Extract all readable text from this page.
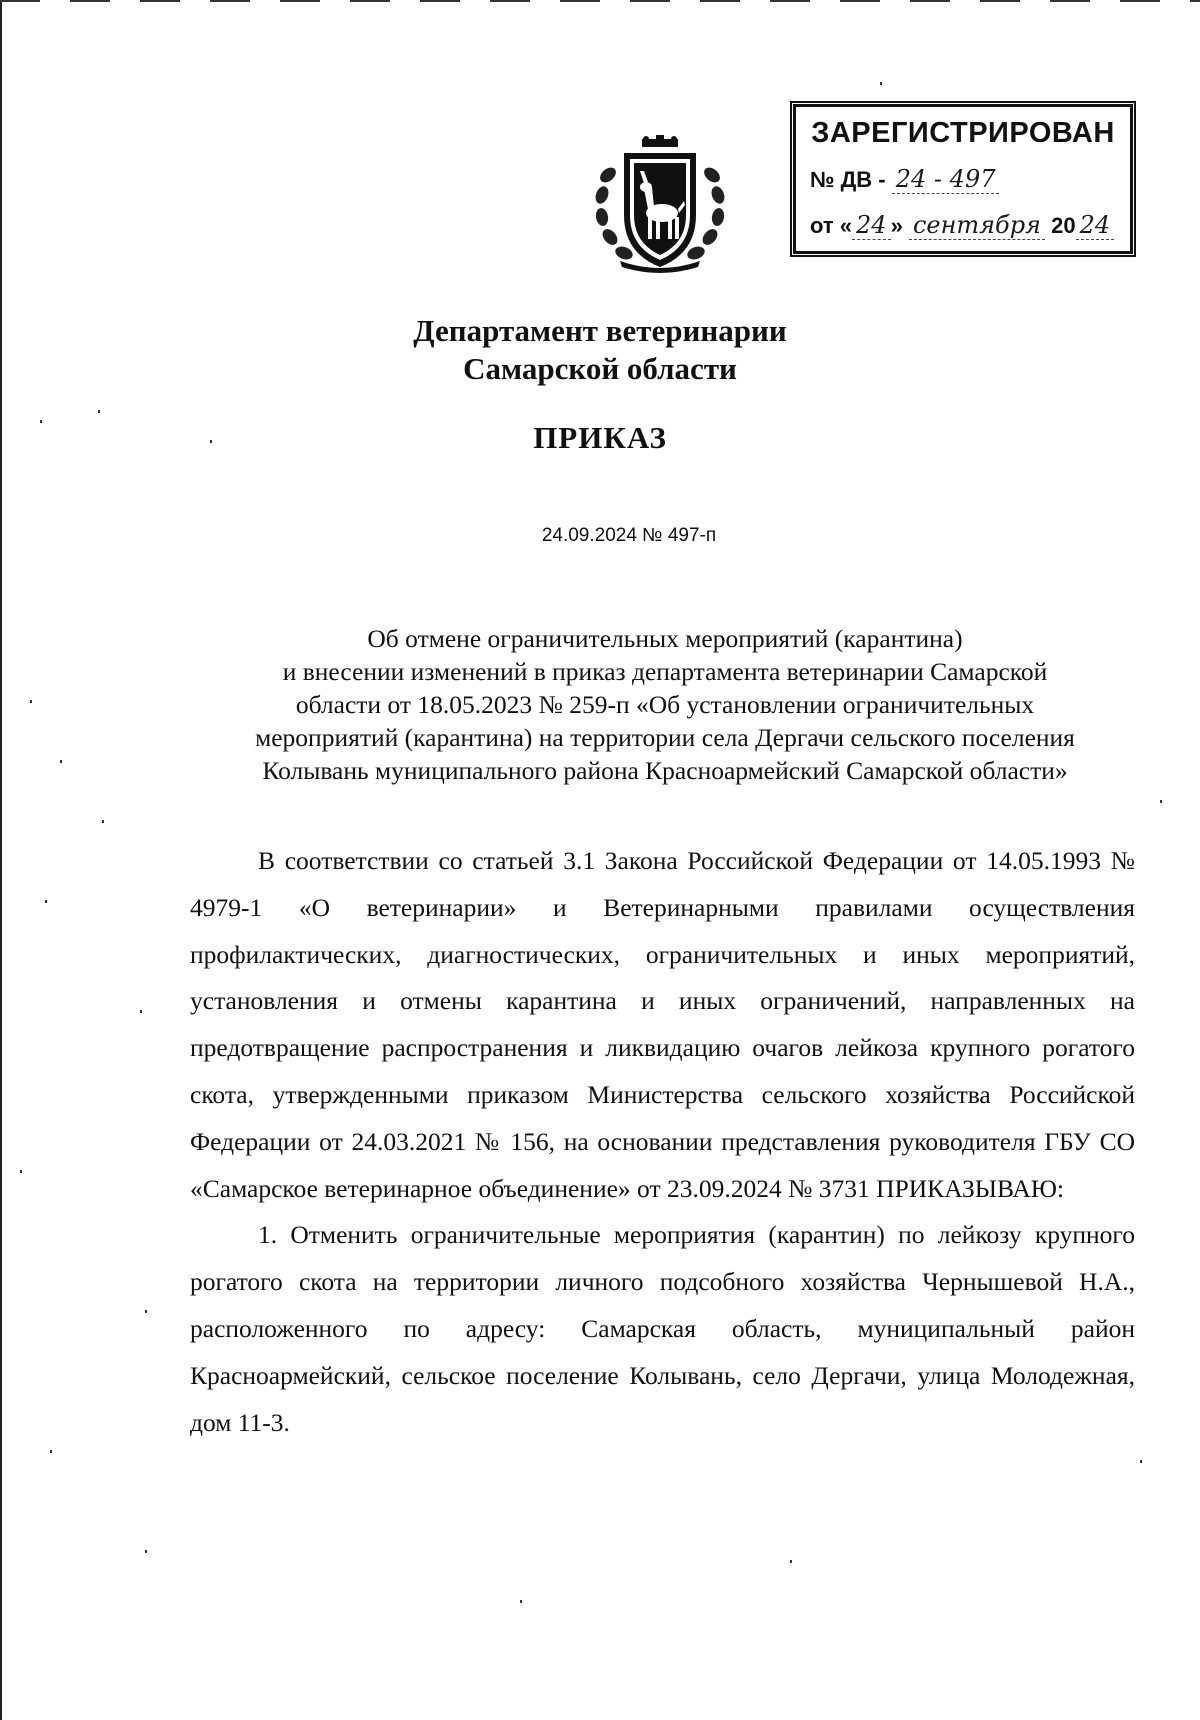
ЗАРЕГИСТРИРОВАН
№ ДВ - 24 - 497
от « 24 » сентября 20 24
Департамент ветеринарии
Самарской области
ПРИКАЗ
24.09.2024 № 497-п
Об отмене ограничительных мероприятий (карантина)
и внесении изменений в приказ департамента ветеринарии Самарской
области от 18.05.2023 № 259-п «Об установлении ограничительных
мероприятий (карантина) на территории села Дергачи сельского поселения
Колывань муниципального района Красноармейский Самарской области»

В соответствии со статьей 3.1 Закона Российской Федерации от 14.05.1993 № 4979-1 «О ветеринарии» и Ветеринарными правилами осуществления профилактических, диагностических, ограничительных и иных мероприятий, установления и отмены карантина и иных ограничений, направленных на предотвращение распространения и ликвидацию очагов лейкоза крупного рогатого скота, утвержденными приказом Министерства сельского хозяйства Российской Федерации от 24.03.2021 № 156, на основании представления руководителя ГБУ СО «Самарское ветеринарное объединение» от 23.09.2024 № 3731 ПРИКАЗЫВАЮ:

1. Отменить ограничительные мероприятия (карантин) по лейкозу крупного рогатого скота на территории личного подсобного хозяйства Чернышевой Н.А., расположенного по адресу: Самарская область, муниципальный район Красноармейский, сельское поселение Колывань, село Дергачи, улица Молодежная, дом 11-3.
